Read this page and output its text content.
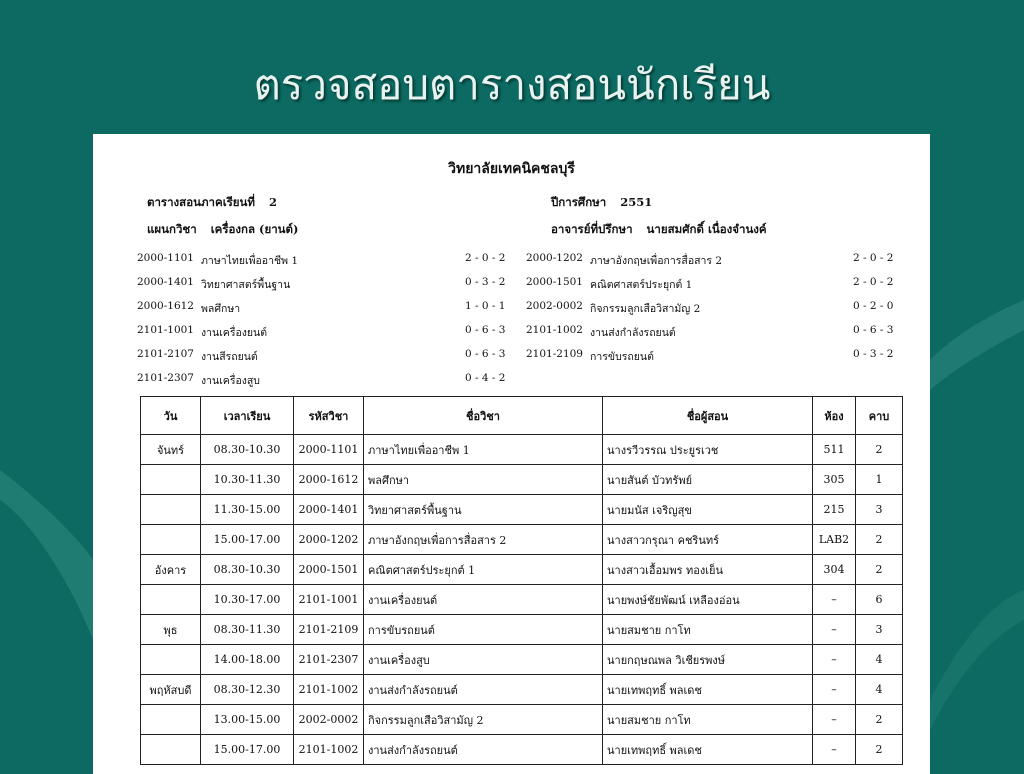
ตรวจสอบตารางสอนนักเรียน
วิทยาลัยเทคนิคชลบุรี
ตารางสอนภาคเรียนที่ 2	ปีการศึกษา 2551
แผนกวิชา เครื่องกล (ยานต์)	อาจารย์ที่ปรึกษา นายสมศักดิ์ เนื่องจำนงค์
2000-1101 ภาษาไทยเพื่ออาชีพ 1	2 - 0 - 2 2000-1202 ภาษาอังกฤษเพื่อการสื่อสาร 2	2 - 0 - 2
2000-1401 วิทยาศาสตร์พื้นฐาน	0 - 3 - 2 2000-1501 คณิตศาสตร์ประยุกต์ 1	2 - 0 - 2
2000-1612 พลศึกษา	1 - 0 - 1 2002-0002 กิจกรรมลูกเสือวิสามัญ 2	0 - 2 - 0
2101-1001 งานเครื่องยนต์	0 - 6 - 3 2101-1002 งานส่งกำลังรถยนต์	0 - 6 - 3
2101-2107 งานสีรถยนต์	0 - 6 - 3 2101-2109 การขับรถยนต์	0 - 3 - 2
2101-2307 งานเครื่องสูบ	0 - 4 - 2
วัน	เวลาเรียน	รหัสวิชา	ชื่อวิชา	ชื่อผู้สอน	ห้อง	คาบ
จันทร์	08.30-10.30	2000-1101	ภาษาไทยเพื่ออาชีพ 1	นางรวีวรรณ ประยูรเวช	511	2
	10.30-11.30	2000-1612	พลศึกษา	นายสันต์ บัวทรัพย์	305	1
	11.30-15.00	2000-1401	วิทยาศาสตร์พื้นฐาน	นายมนัส เจริญสุข	215	3
	15.00-17.00	2000-1202	ภาษาอังกฤษเพื่อการสื่อสาร 2	นางสาวกรุณา คชรินทร์	LAB2	2
อังคาร	08.30-10.30	2000-1501	คณิตศาสตร์ประยุกต์ 1	นางสาวเอื้อมพร ทองเย็น	304	2
	10.30-17.00	2101-1001	งานเครื่องยนต์	นายพงษ์ชัยพัฒน์ เหลืองอ่อน	–	6
พุธ	08.30-11.30	2101-2109	การขับรถยนต์	นายสมชาย กาโท	–	3
	14.00-18.00	2101-2307	งานเครื่องสูบ	นายกฤษณพล วิเชียรพงษ์	–	4
พฤหัสบดี	08.30-12.30	2101-1002	งานส่งกำลังรถยนต์	นายเทพฤทธิ์ พลเดช	–	4
	13.00-15.00	2002-0002	กิจกรรมลูกเสือวิสามัญ 2	นายสมชาย กาโท	–	2
	15.00-17.00	2101-1002	งานส่งกำลังรถยนต์	นายเทพฤทธิ์ พลเดช	–	2
